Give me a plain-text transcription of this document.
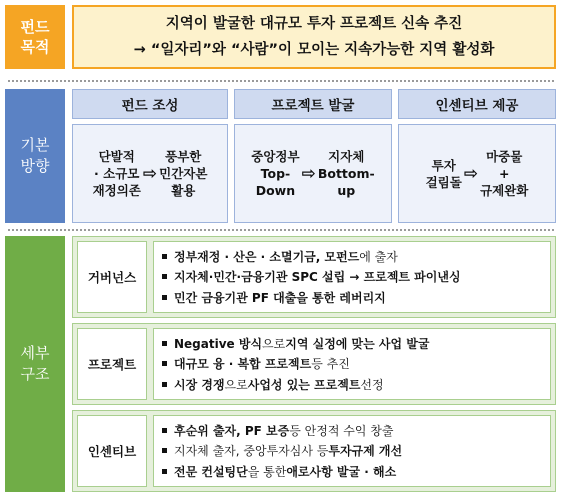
펀드
목적
지역이 발굴한 대규모 투자 프로젝트 신속 추진
→ “일자리”와 “사람”이 모이는 지속가능한 지역 활성화
기본
방향
펀드 조성
단발적
· 소규모
재정의존
⇨
풍부한
민간자본
활용
프로젝트 발굴
중앙정부
Top-
Down
⇨
지자체
Bottom-
up
인센티브 제공
투자
걸림돌 ⇨
마중물
+
규제완화
세부
구조
거버넌스
정부재정 · 산은 · 소멸기금, 모펀드 에 출자
지자체·민간·금융기관 SPC 설립 → 프로젝트 파이낸싱
민간 금융기관 PF 대출을 통한 레버리지
프로젝트
Negative 방식 으로 지역 실정에 맞는 사업 발굴
대규모 융 · 복합 프로젝트 등 추진
시장 경쟁 으로 사업성 있는 프로젝트 선정
인센티브
후순위 출자, PF 보증 등 안정적 수익 창출
지자체 출자, 중앙투자심사 등 투자규제 개선
전문 컨설팅단 을 통한 애로사항 발굴 · 해소
